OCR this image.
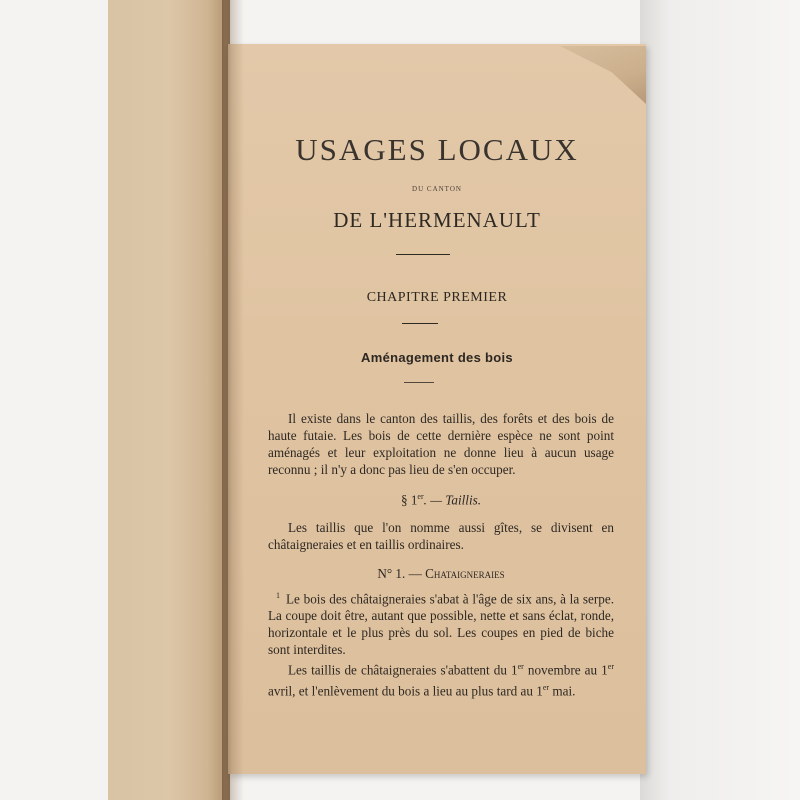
USAGES LOCAUX
DU CANTON
DE L'HERMENAULT
CHAPITRE PREMIER
Aménagement des bois

Il existe dans le canton des taillis, des forêts et des bois de haute futaie. Les bois de cette dernière espèce ne sont point aménagés et leur exploitation ne donne lieu à aucun usage reconnu ; il n'y a donc pas lieu de s'en occuper.

§ 1er. — Taillis.

Les taillis que l'on nomme aussi gîtes, se divisent en châtaigneraies et en taillis ordinaires.

N° 1. — Chataigneraies

$^1$ Le bois des châtaigneraies s'abat à l'âge de six ans, à la serpe. La coupe doit être, autant que possible, nette et sans éclat, ronde, horizontale et le plus près du sol. Les coupes en pied de biche sont interdites.

Les taillis de châtaigneraies s'abattent du 1er novembre au 1er avril, et l'enlèvement du bois a lieu au plus tard au 1er mai.
